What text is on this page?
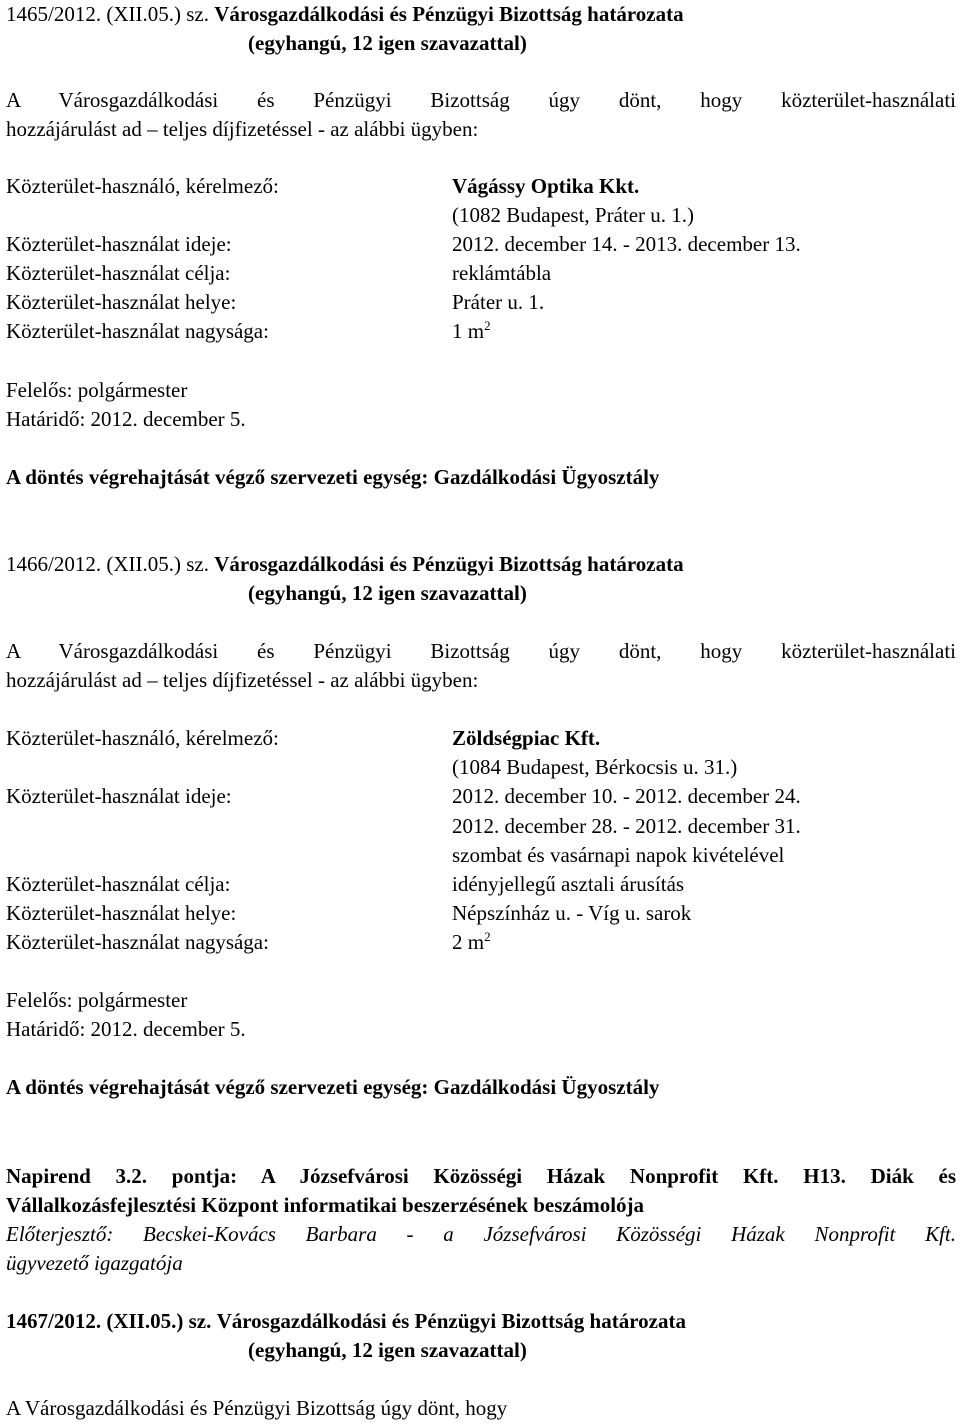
1465/2012. (XII.05.) sz. Városgazdálkodási és Pénzügyi Bizottság határozata
(egyhangú, 12 igen szavazattal)
A Városgazdálkodási és Pénzügyi Bizottság úgy dönt, hogy közterület-használati
hozzájárulást ad – teljes díjfizetéssel - az alábbi ügyben:
Közterület-használó, kérelmező:	Vágássy Optika Kkt.
(1082 Budapest, Práter u. 1.)
Közterület-használat ideje:	2012. december 14. - 2013. december 13.
Közterület-használat célja:	reklámtábla
Közterület-használat helye:	Práter u. 1.
Közterület-használat nagysága:	1 $m^2$
Felelős: polgármester
Határidő: 2012. december 5.
A döntés végrehajtását végző szervezeti egység: Gazdálkodási Ügyosztály
1466/2012. (XII.05.) sz. Városgazdálkodási és Pénzügyi Bizottság határozata
(egyhangú, 12 igen szavazattal)
A Városgazdálkodási és Pénzügyi Bizottság úgy dönt, hogy közterület-használati
hozzájárulást ad – teljes díjfizetéssel - az alábbi ügyben:
Közterület-használó, kérelmező:	Zöldségpiac Kft.
(1084 Budapest, Bérkocsis u. 31.)
Közterület-használat ideje:	2012. december 10. - 2012. december 24.
2012. december 28. - 2012. december 31.
szombat és vasárnapi napok kivételével
Közterület-használat célja:	idényjellegű asztali árusítás
Közterület-használat helye:	Népszínház u. - Víg u. sarok
Közterület-használat nagysága:	2 $m^2$
Felelős: polgármester
Határidő: 2012. december 5.
A döntés végrehajtását végző szervezeti egység: Gazdálkodási Ügyosztály
Napirend 3.2. pontja: A Józsefvárosi Közösségi Házak Nonprofit Kft. H13. Diák és
Vállalkozásfejlesztési Központ informatikai beszerzésének beszámolója
Előterjesztő: Becskei-Kovács Barbara - a Józsefvárosi Közösségi Házak Nonprofit Kft.
ügyvezető igazgatója
1467/2012. (XII.05.) sz. Városgazdálkodási és Pénzügyi Bizottság határozata
(egyhangú, 12 igen szavazattal)
A Városgazdálkodási és Pénzügyi Bizottság úgy dönt, hogy
